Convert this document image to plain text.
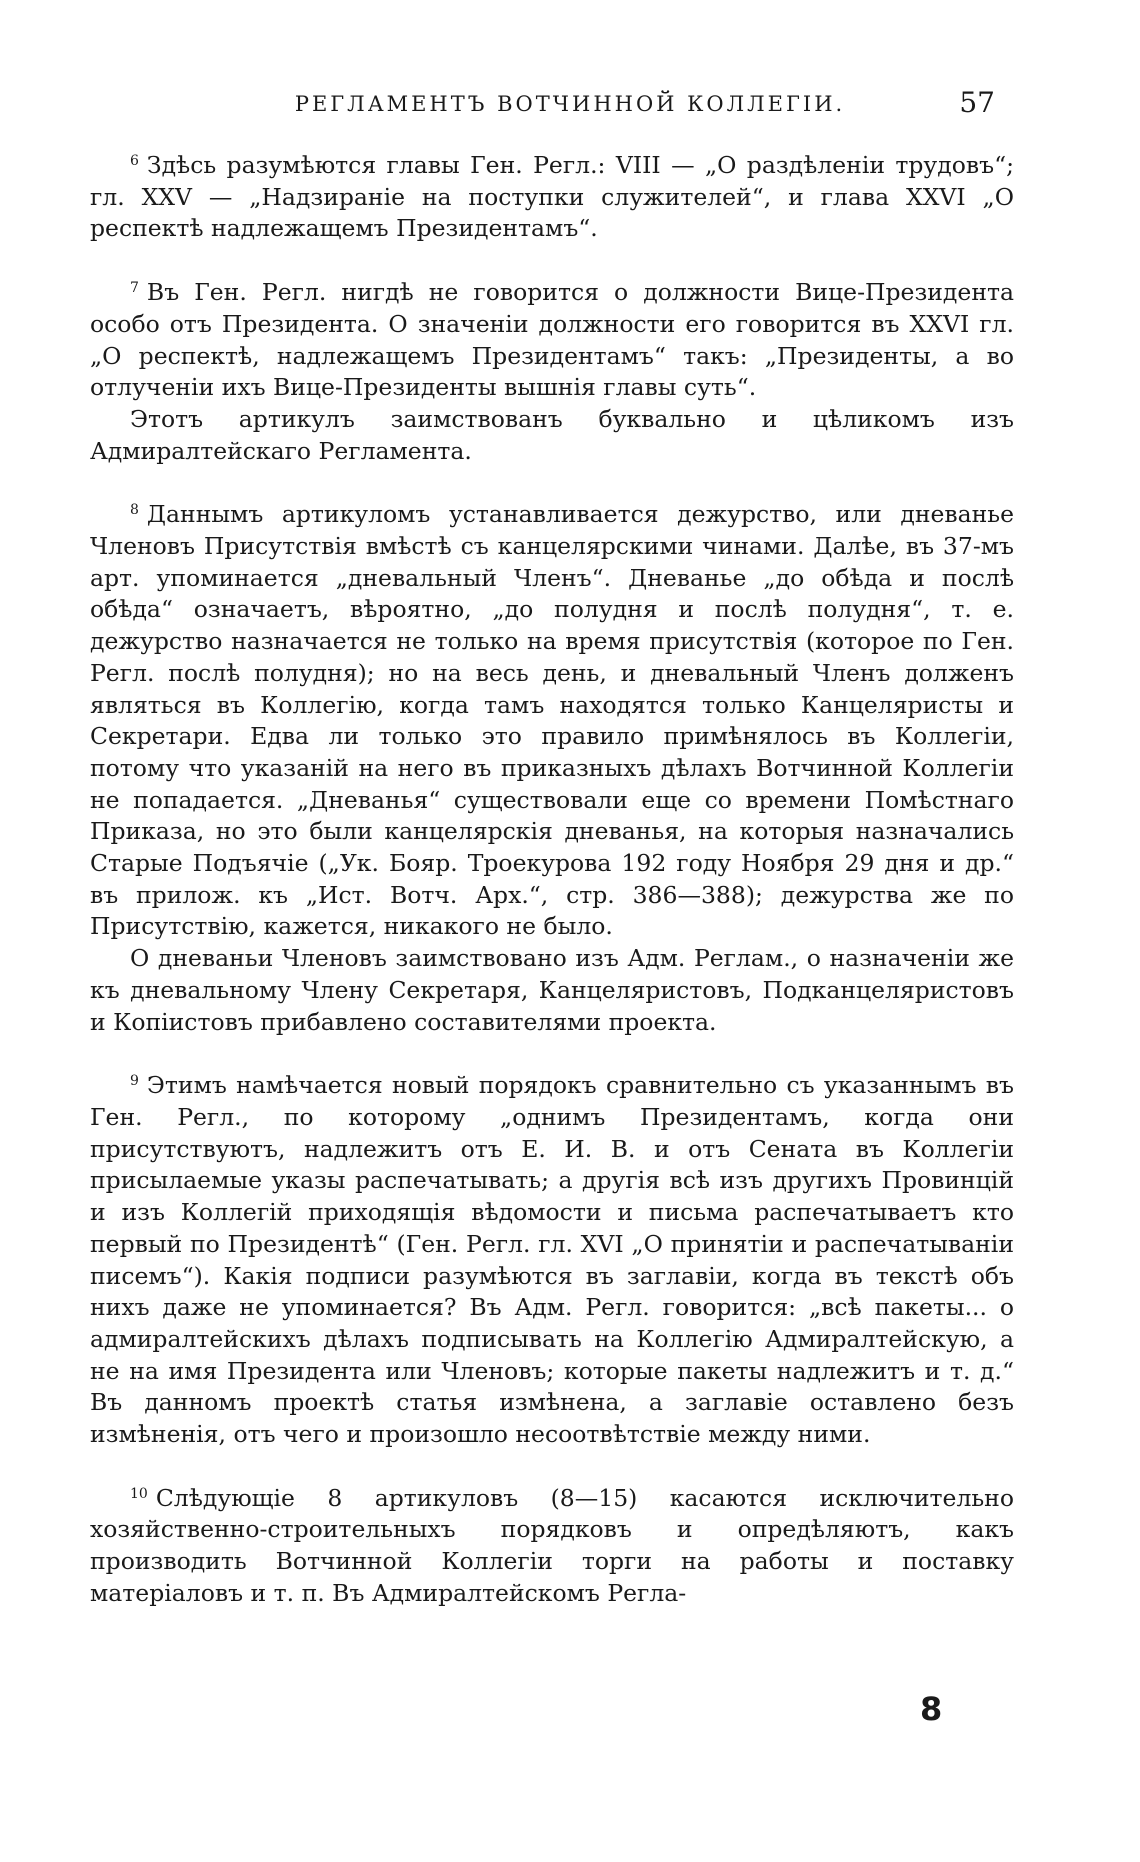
РЕГЛАМЕНТЪ ВОТЧИННОЙ КОЛЛЕГІИ.	57

$^6$ Здѣсь разумѣются главы Ген. Регл.: VIII — „О раздѣленіи трудовъ“; гл. XXV — „Надзираніе на поступки служителей“, и глава XXVI „О респектѣ надлежащемъ Президентамъ“.

$^7$ Въ Ген. Регл. нигдѣ не говорится о должности Вице-Президента особо отъ Президента. О значеніи должности его говорится въ XXVI гл. „О респектѣ, надлежащемъ Президентамъ“ такъ: „Президенты, а во отлученіи ихъ Вице-Президенты вышнія главы суть“.

Этотъ артикулъ заимствованъ буквально и цѣликомъ изъ Адмиралтейскаго Регламента.

$^8$ Даннымъ артикуломъ устанавливается дежурство, или дневанье Членовъ Присутствія вмѣстѣ съ канцелярскими чинами. Далѣе, въ 37-мъ арт. упоминается „дневальный Членъ“. Дневанье „до обѣда и послѣ обѣда“ означаетъ, вѣроятно, „до полудня и послѣ полудня“, т. е. дежурство назначается не только на время присутствія (которое по Ген. Регл. послѣ полудня); но на весь день, и дневальный Членъ долженъ являться въ Коллегію, когда тамъ находятся только Канцеляристы и Секретари. Едва ли только это правило примѣнялось въ Коллегіи, потому что указаній на него въ приказныхъ дѣлахъ Вотчинной Коллегіи не попадается. „Дневанья“ существовали еще со времени Помѣстнаго Приказа, но это были канцелярскія дневанья, на которыя назначались Старые Подъячіе („Ук. Бояр. Троекурова 192 году Ноября 29 дня и др.“ въ прилож. къ „Ист. Вотч. Арх.“, стр. 386—388); дежурства же по Присутствію, кажется, никакого не было.

О дневаньи Членовъ заимствовано изъ Адм. Реглам., о назначеніи же къ дневальному Члену Секретаря, Канцеляристовъ, Подканцеляристовъ и Копіистовъ прибавлено составителями проекта.

$^9$ Этимъ намѣчается новый порядокъ сравнительно съ указаннымъ въ Ген. Регл., по которому „однимъ Президентамъ, когда они присутствуютъ, надлежитъ отъ Е. И. В. и отъ Сената въ Коллегіи присылаемые указы распечатывать; а другія всѣ изъ другихъ Провинцій и изъ Коллегій приходящія вѣдомости и письма распечатываетъ кто первый по Президентѣ“ (Ген. Регл. гл. XVI „О принятіи и распечатываніи писемъ“). Какія подписи разумѣются въ заглавіи, когда въ текстѣ объ нихъ даже не упоминается? Въ Адм. Регл. говорится: „всѣ пакеты... о адмиралтейскихъ дѣлахъ подписывать на Коллегію Адмиралтейскую, а не на имя Президента или Членовъ; которые пакеты надлежитъ и т. д.“ Въ данномъ проектѣ статья измѣнена, а заглавіе оставлено безъ измѣненія, отъ чего и произошло несоотвѣтствіе между ними.

$^{10}$ Слѣдующіе 8 артикуловъ (8—15) касаются исключительно хозяйственно-строительныхъ порядковъ и опредѣляютъ, какъ производить Вотчинной Коллегіи торги на работы и поставку матеріаловъ и т. п. Въ Адмиралтейскомъ Регла-

8
